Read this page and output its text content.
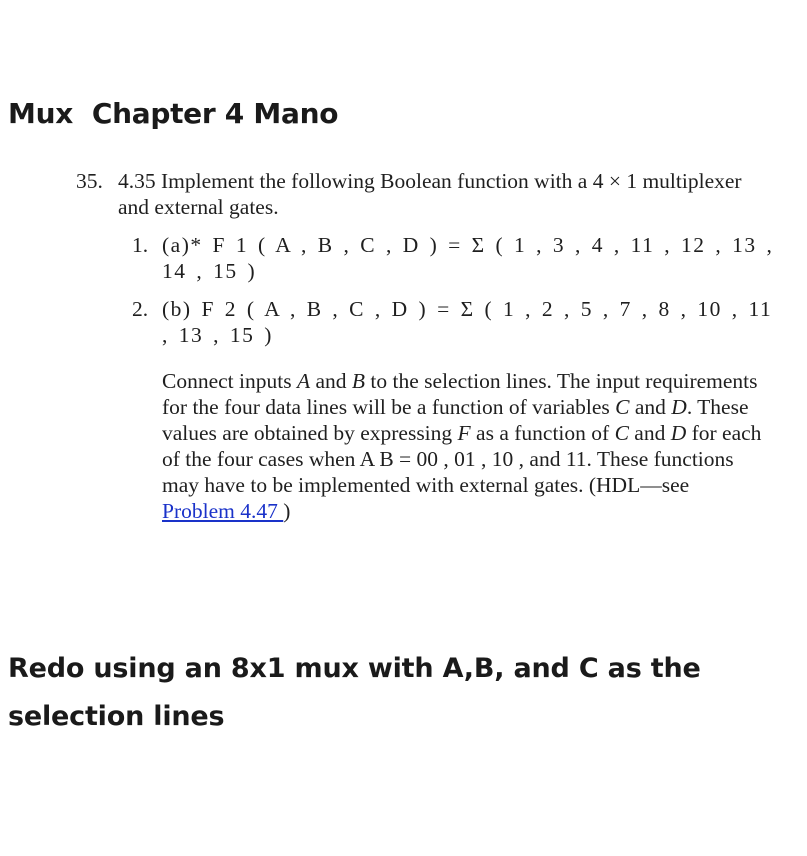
Mux  Chapter 4 Mano
35. 4.35 Implement the following Boolean function with a 4 × 1 multiplexer and external gates.
1. (a)* F 1 ( A , B , C , D ) = Σ ( 1 , 3 , 4 , 11 , 12 , 13 , 14 , 15 )
2. (b) F 2 ( A , B , C , D ) = Σ ( 1 , 2 , 5 , 7 , 8 , 10 , 11 , 13 , 15 )
Connect inputs A and B to the selection lines. The input requirements for the four data lines will be a function of variables C and D. These values are obtained by expressing F as a function of C and D for each of the four cases when A B = 00 , 01 , 10 , and 11. These functions may have to be implemented with external gates. (HDL—see Problem 4.47 )
Redo using an 8x1 mux with A,B, and C as the selection lines
